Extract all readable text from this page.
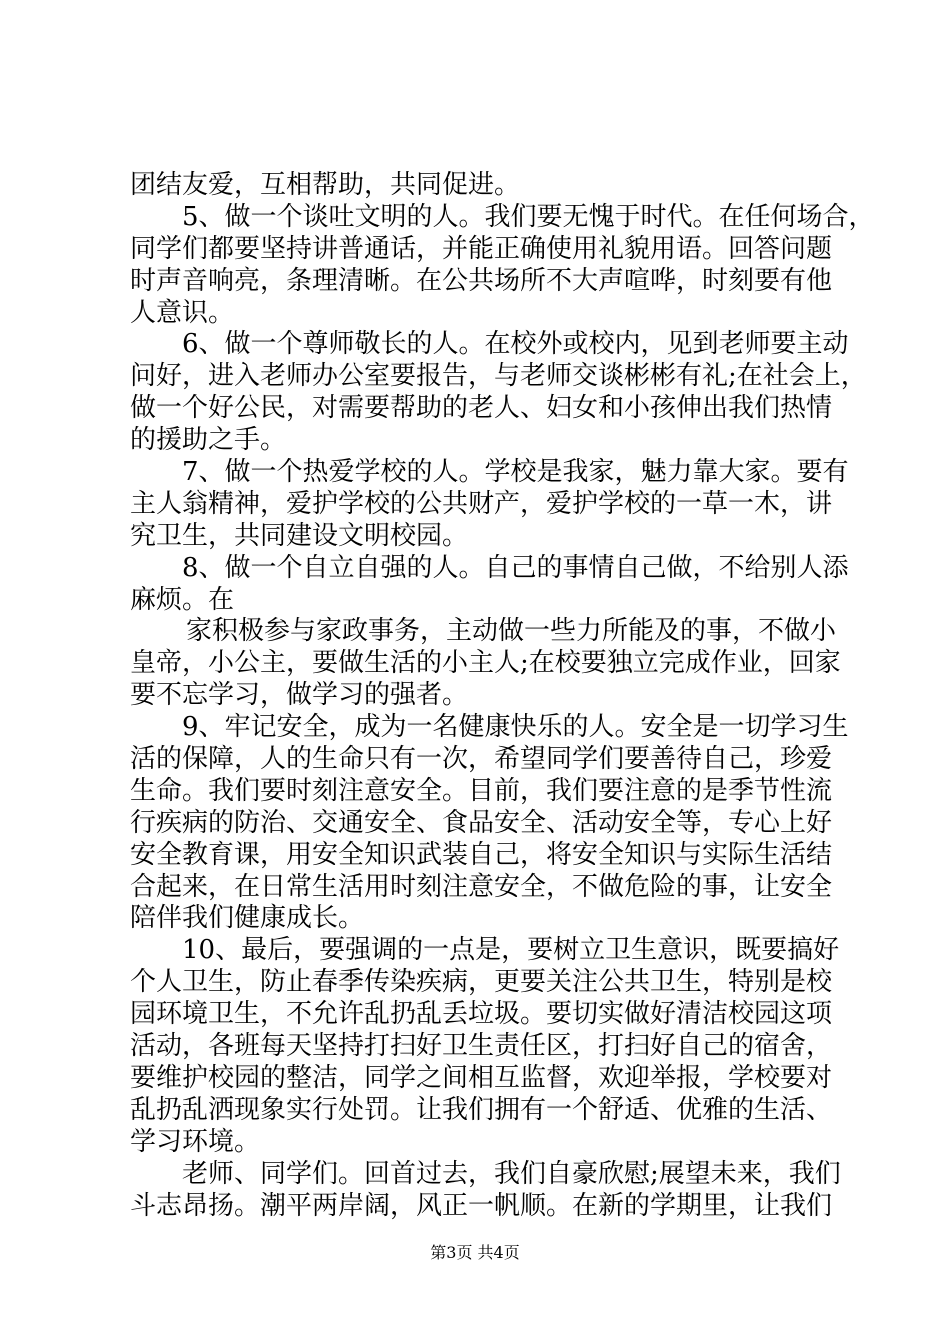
团结友爱，互相帮助，共同促进。
5、做一个谈吐文明的人。我们要无愧于时代。在任何场合，
同学们都要坚持讲普通话，并能正确使用礼貌用语。回答问题
时声音响亮，条理清晰。在公共场所不大声喧哗，时刻要有他
人意识。
6、做一个尊师敬长的人。在校外或校内，见到老师要主动
问好，进入老师办公室要报告，与老师交谈彬彬有礼;在社会上，
做一个好公民，对需要帮助的老人、妇女和小孩伸出我们热情
的援助之手。
7、做一个热爱学校的人。学校是我家，魅力靠大家。要有
主人翁精神，爱护学校的公共财产，爱护学校的一草一木，讲
究卫生，共同建设文明校园。
8、做一个自立自强的人。自己的事情自己做，不给别人添
麻烦。在
家积极参与家政事务，主动做一些力所能及的事，不做小
皇帝，小公主，要做生活的小主人;在校要独立完成作业，回家
要不忘学习，做学习的强者。
9、牢记安全，成为一名健康快乐的人。安全是一切学习生
活的保障，人的生命只有一次，希望同学们要善待自己，珍爱
生命。我们要时刻注意安全。目前，我们要注意的是季节性流
行疾病的防治、交通安全、食品安全、活动安全等，专心上好
安全教育课，用安全知识武装自己，将安全知识与实际生活结
合起来，在日常生活用时刻注意安全，不做危险的事，让安全
陪伴我们健康成长。
10、最后，要强调的一点是，要树立卫生意识，既要搞好
个人卫生，防止春季传染疾病，更要关注公共卫生，特别是校
园环境卫生，不允许乱扔乱丢垃圾。要切实做好清洁校园这项
活动，各班每天坚持打扫好卫生责任区，打扫好自己的宿舍，
要维护校园的整洁，同学之间相互监督，欢迎举报，学校要对
乱扔乱洒现象实行处罚。让我们拥有一个舒适、优雅的生活、
学习环境。
老师、同学们。回首过去，我们自豪欣慰;展望未来，我们
斗志昂扬。潮平两岸阔，风正一帆顺。在新的学期里，让我们
第3页 共4页
